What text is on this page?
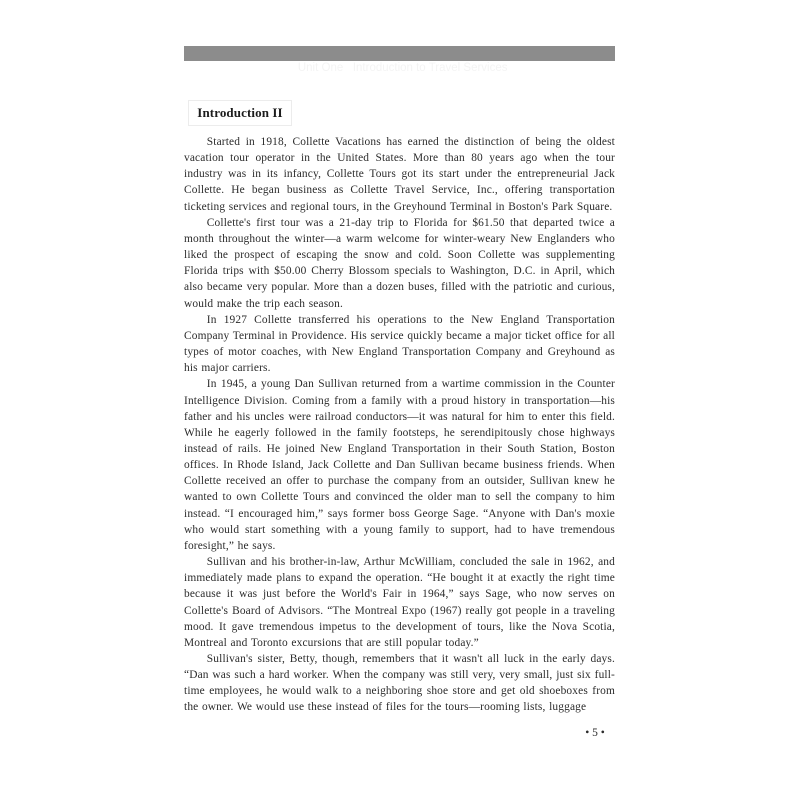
Unit One   Introduction to Travel Services

Introduction II

Started in 1918, Collette Vacations has earned the distinction of being the oldest vacation tour operator in the United States. More than 80 years ago when the tour industry was in its infancy, Collette Tours got its start under the entrepreneurial Jack Collette. He began business as Collette Travel Service, Inc., offering transportation ticketing services and regional tours, in the Greyhound Terminal in Boston's Park Square.

Collette's first tour was a 21-day trip to Florida for $61.50 that departed twice a month throughout the winter—a warm welcome for winter-weary New Englanders who liked the prospect of escaping the snow and cold. Soon Collette was supplementing Florida trips with $50.00 Cherry Blossom specials to Washington, D.C. in April, which also became very popular. More than a dozen buses, filled with the patriotic and curious, would make the trip each season.

In 1927 Collette transferred his operations to the New England Transportation Company Terminal in Providence. His service quickly became a major ticket office for all types of motor coaches, with New England Transportation Company and Greyhound as his major carriers.

In 1945, a young Dan Sullivan returned from a wartime commission in the Counter Intelligence Division. Coming from a family with a proud history in transportation—his father and his uncles were railroad conductors—it was natural for him to enter this field. While he eagerly followed in the family footsteps, he serendipitously chose highways instead of rails. He joined New England Transportation in their South Station, Boston offices. In Rhode Island, Jack Collette and Dan Sullivan became business friends. When Collette received an offer to purchase the company from an outsider, Sullivan knew he wanted to own Collette Tours and convinced the older man to sell the company to him instead. “I encouraged him,” says former boss George Sage. “Anyone with Dan's moxie who would start something with a young family to support, had to have tremendous foresight,” he says.

Sullivan and his brother-in-law, Arthur McWilliam, concluded the sale in 1962, and immediately made plans to expand the operation. “He bought it at exactly the right time because it was just before the World's Fair in 1964,” says Sage, who now serves on Collette's Board of Advisors. “The Montreal Expo (1967) really got people in a traveling mood. It gave tremendous impetus to the development of tours, like the Nova Scotia, Montreal and Toronto excursions that are still popular today.”

Sullivan's sister, Betty, though, remembers that it wasn't all luck in the early days. “Dan was such a hard worker. When the company was still very, very small, just six full-time employees, he would walk to a neighboring shoe store and get old shoeboxes from the owner. We would use these instead of files for the tours—rooming lists, luggage

• 5 •
